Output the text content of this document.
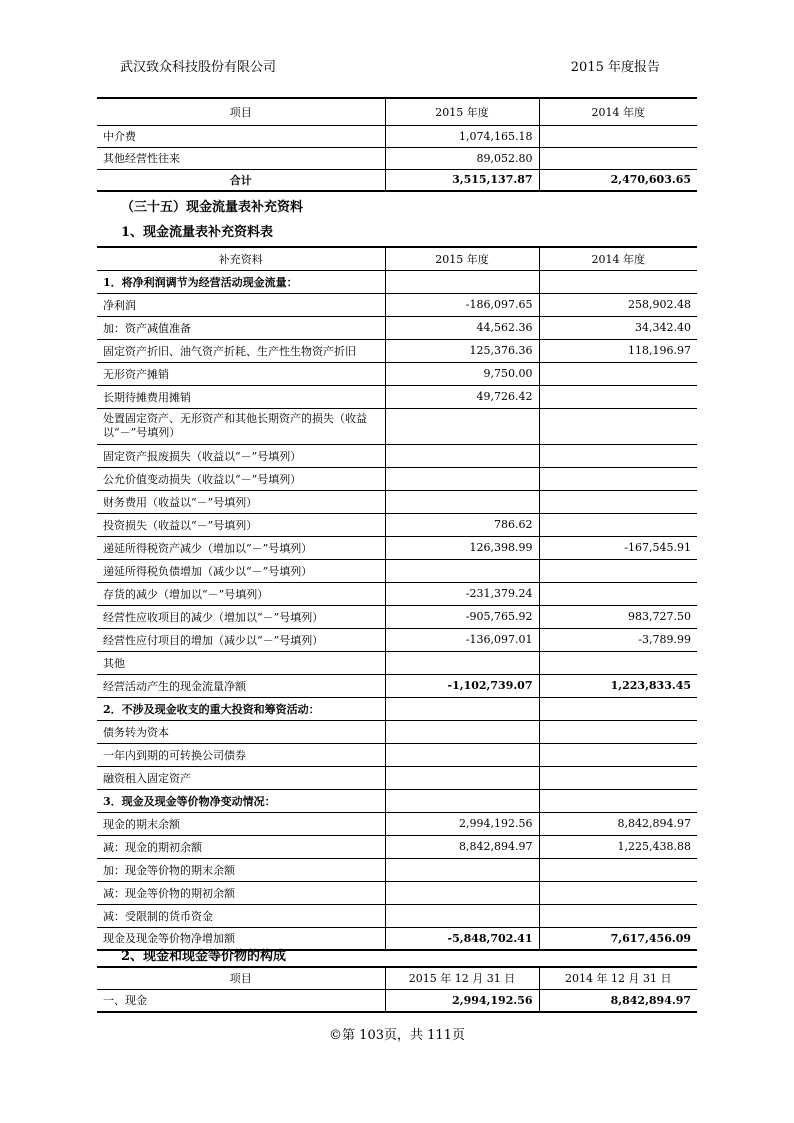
武汉致众科技股份有限公司	2015 年度报告
项目	2015 年度	2014 年度
中介费	1,074,165.18	
其他经营性往来	89,052.80	
合计	3,515,137.87	2,470,603.65
（三十五）现金流量表补充资料
1、现金流量表补充资料表
补充资料	2015 年度	2014 年度
1．将净利润调节为经营活动现金流量：		
净利润	-186,097.65	258,902.48
加：资产减值准备	44,562.36	34,342.40
固定资产折旧、油气资产折耗、生产性生物资产折旧	125,376.36	118,196.97
无形资产摊销	9,750.00	
长期待摊费用摊销	49,726.42	
处置固定资产、无形资产和其他长期资产的损失（收益以“－”号填列）		
固定资产报废损失（收益以“－”号填列）		
公允价值变动损失（收益以“－”号填列）		
财务费用（收益以“－”号填列）		
投资损失（收益以“－”号填列）	786.62	
递延所得税资产减少（增加以“－”号填列）	126,398.99	-167,545.91
递延所得税负债增加（减少以“－”号填列）		
存货的减少（增加以“－”号填列）	-231,379.24	
经营性应收项目的减少（增加以“－”号填列）	-905,765.92	983,727.50
经营性应付项目的增加（减少以“－”号填列）	-136,097.01	-3,789.99
其他		
经营活动产生的现金流量净额	-1,102,739.07	1,223,833.45
2．不涉及现金收支的重大投资和筹资活动：		
债务转为资本		
一年内到期的可转换公司债券		
融资租入固定资产		
3．现金及现金等价物净变动情况：		
现金的期末余额	2,994,192.56	8,842,894.97
减：现金的期初余额	8,842,894.97	1,225,438.88
加：现金等价物的期末余额		
减：现金等价物的期初余额		
减：受限制的货币资金		
现金及现金等价物净增加额	-5,848,702.41	7,617,456.09
2、现金和现金等价物的构成
项目	2015 年 12 月 31 日	2014 年 12 月 31 日
一、现金	2,994,192.56	8,842,894.97
©第 103页，共 111页
